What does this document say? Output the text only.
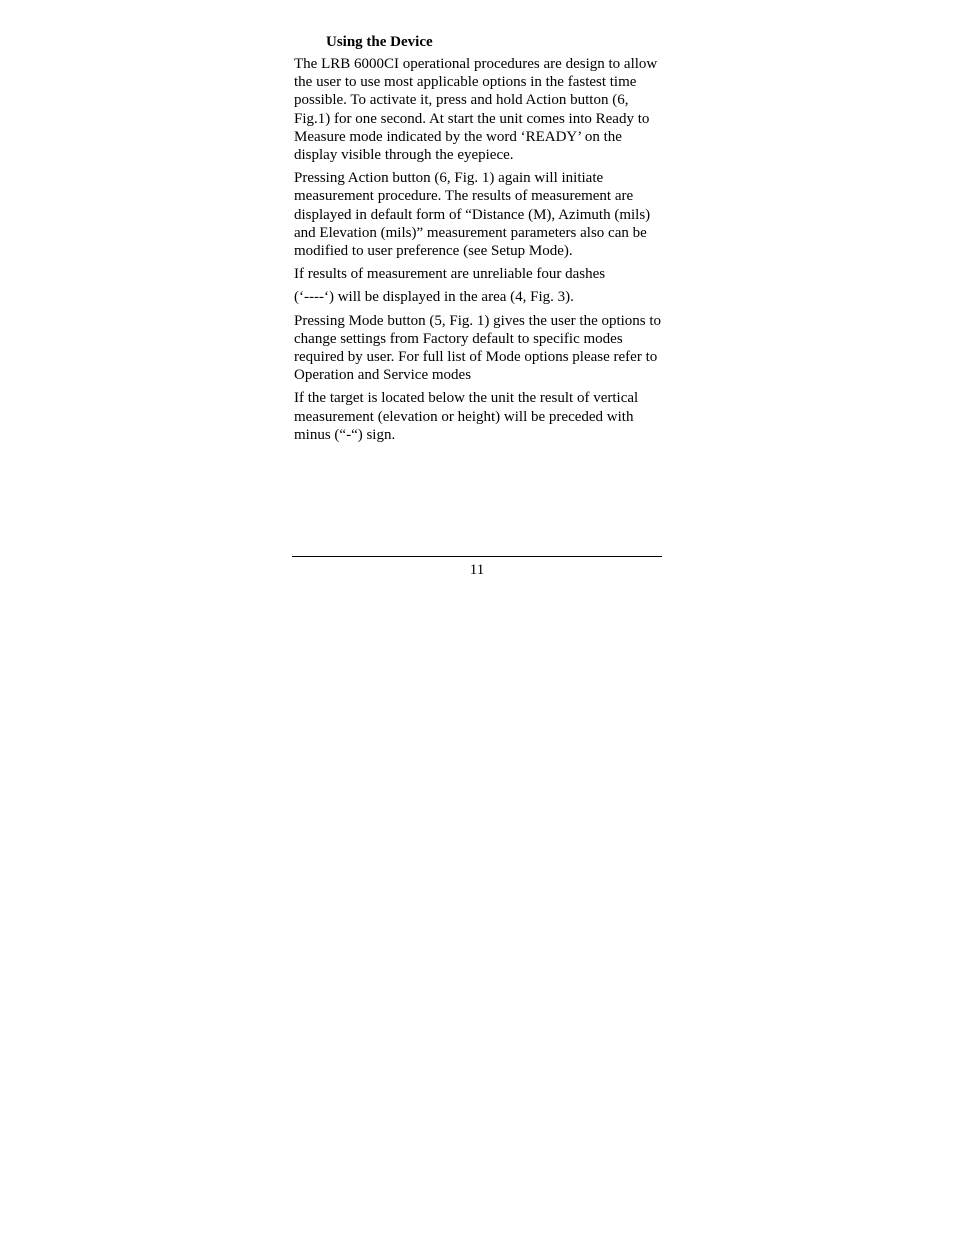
Using the Device

The LRB 6000CI operational procedures are design to allow the user to use most applicable options in the fastest time possible. To activate it, press and hold Action button (6, Fig.1) for one second. At start the unit comes into Ready to Measure mode indicated by the word ‘READY’ on the display visible through the eyepiece.

Pressing Action button (6, Fig. 1) again will initiate measurement procedure. The results of measurement are displayed in default form of “Distance (M), Azimuth (mils) and Elevation (mils)” measurement parameters also can be modified to user preference (see Setup Mode).

If results of measurement are unreliable four dashes

(‘----‘) will be displayed in the area (4, Fig. 3).

Pressing Mode button (5, Fig. 1) gives the user the options to change settings from Factory default to specific modes required by user. For full list of Mode options please refer to Operation and Service modes

If the target is located below the unit the result of vertical measurement (elevation or height) will be preceded with minus (“-“) sign.

11
